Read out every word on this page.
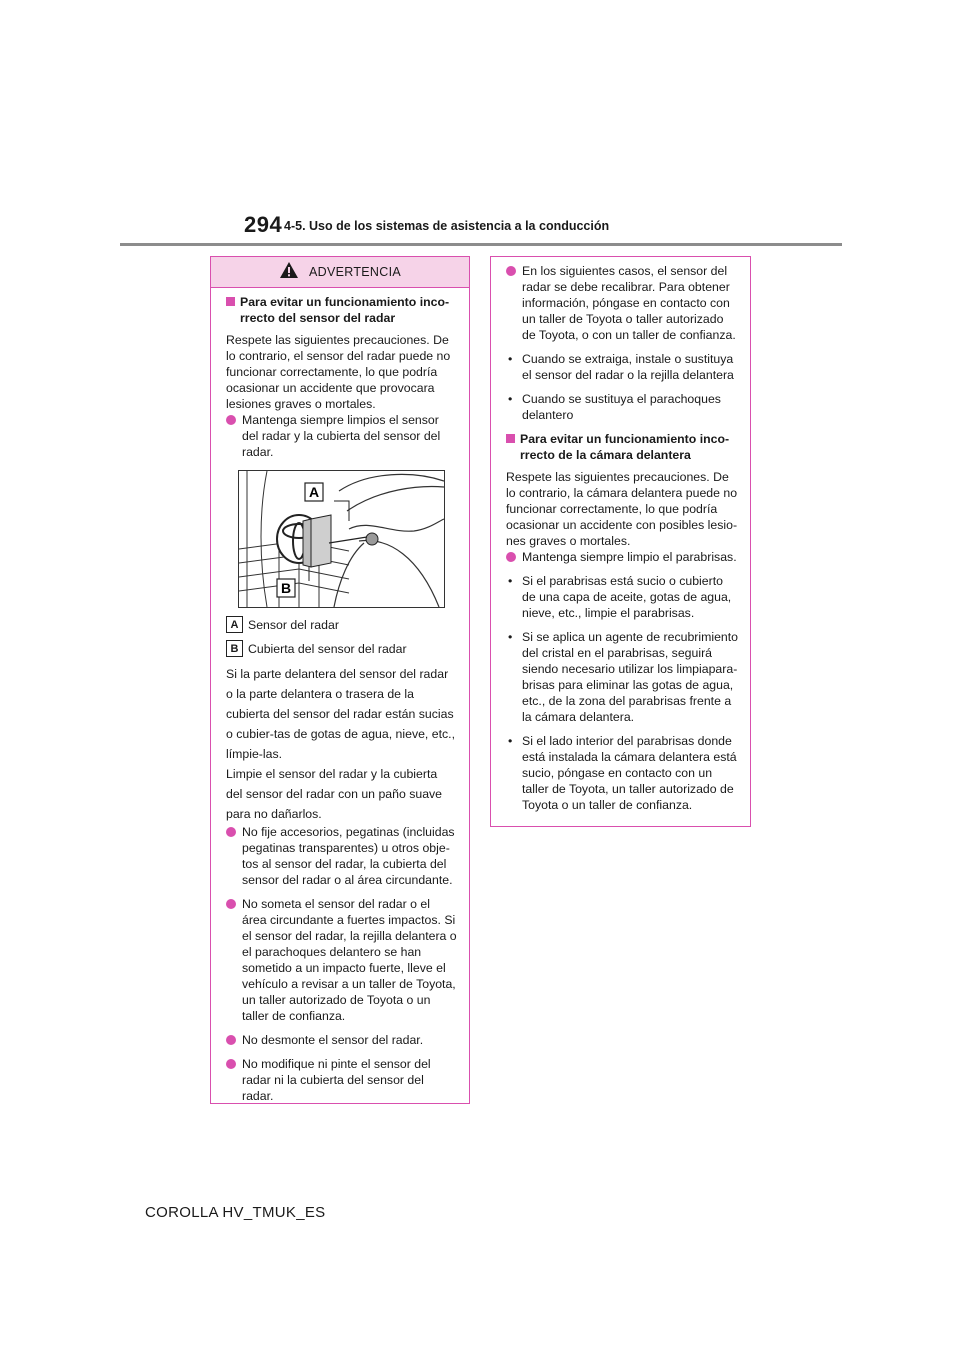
294 4-5. Uso de los sistemas de asistencia a la conducción
ADVERTENCIA
Para evitar un funcionamiento inco-rrecto del sensor del radar

Respete las siguientes precauciones. De lo contrario, el sensor del radar puede no funcionar correctamente, lo que podría ocasionar un accidente que provocara lesiones graves o mortales.

Mantenga siempre limpios el sensor del radar y la cubierta del sensor del radar.
A
B
A Sensor del radar
B Cubierta del sensor del radar

Si la parte delantera del sensor del radar o la parte delantera o trasera de la cubierta del sensor del radar están sucias o cubier-tas de gotas de agua, nieve, etc., límpie-las.

Limpie el sensor del radar y la cubierta del sensor del radar con un paño suave para no dañarlos.

No fije accesorios, pegatinas (incluidas pegatinas transparentes) u otros obje-tos al sensor del radar, la cubierta del sensor del radar o al área circundante.
No someta el sensor del radar o el área circundante a fuertes impactos. Si el sensor del radar, la rejilla delantera o el parachoques delantero se han sometido a un impacto fuerte, lleve el vehículo a revisar a un taller de Toyota, un taller autorizado de Toyota o un taller de confianza.
No desmonte el sensor del radar.
No modifique ni pinte el sensor del radar ni la cubierta del sensor del radar.
En los siguientes casos, el sensor del radar se debe recalibrar. Para obtener información, póngase en contacto con un taller de Toyota o taller autorizado de Toyota, o con un taller de confianza.
• Cuando se extraiga, instale o sustituya el sensor del radar o la rejilla delantera
• Cuando se sustituya el parachoques delantero
Para evitar un funcionamiento inco-rrecto de la cámara delantera

Respete las siguientes precauciones. De lo contrario, la cámara delantera puede no funcionar correctamente, lo que podría ocasionar un accidente con posibles lesio-nes graves o mortales.

Mantenga siempre limpio el parabrisas.
• Si el parabrisas está sucio o cubierto de una capa de aceite, gotas de agua, nieve, etc., limpie el parabrisas.
• Si se aplica un agente de recubrimiento del cristal en el parabrisas, seguirá siendo necesario utilizar los limpiapara-brisas para eliminar las gotas de agua, etc., de la zona del parabrisas frente a la cámara delantera.
• Si el lado interior del parabrisas donde está instalada la cámara delantera está sucio, póngase en contacto con un taller de Toyota, un taller autorizado de Toyota o un taller de confianza.
COROLLA HV_TMUK_ES
